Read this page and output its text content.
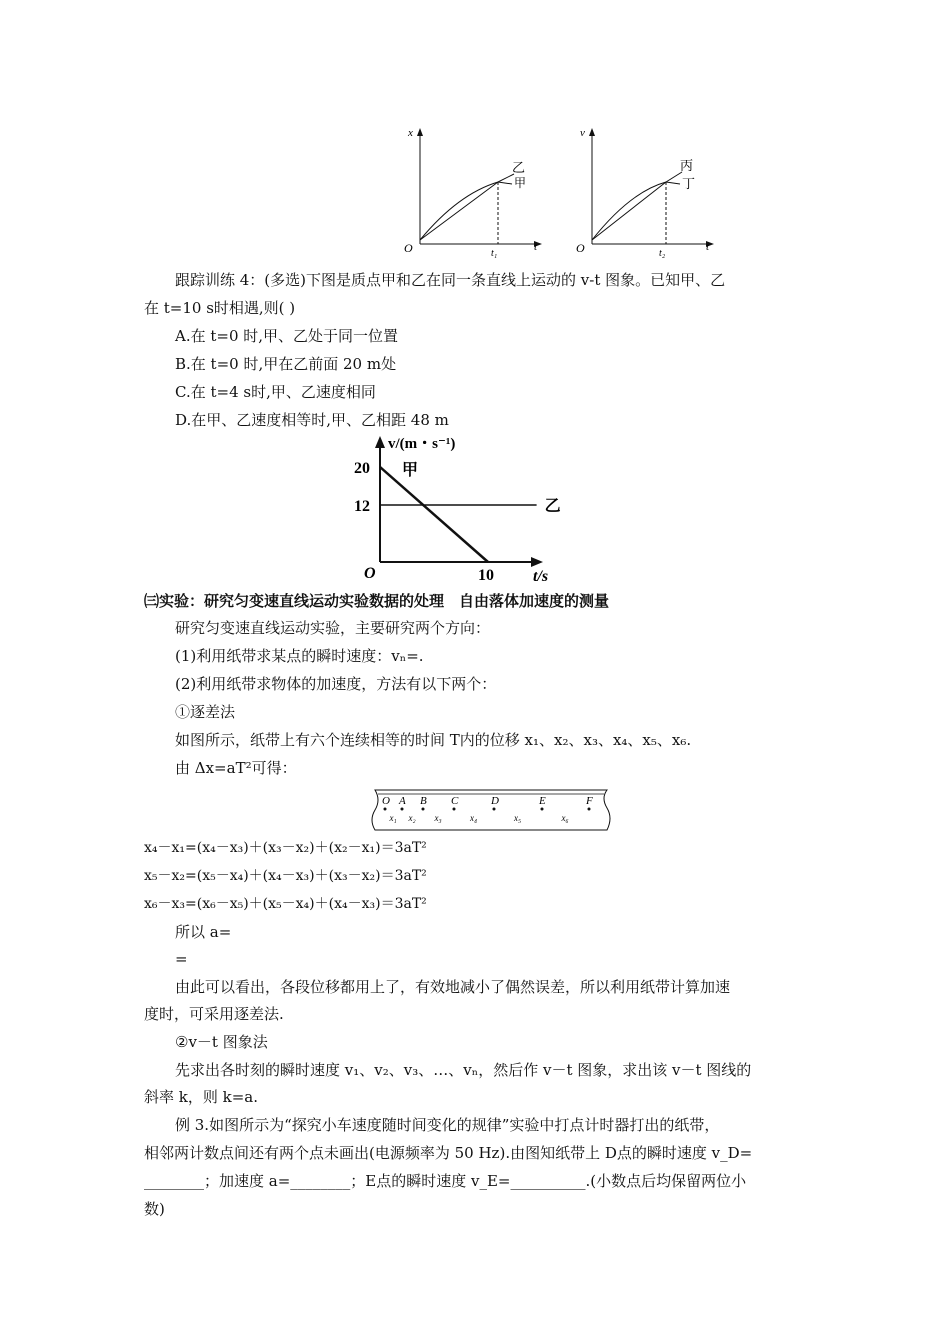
x
t
O	t₁
乙
甲
v
t
O	t₂
丙
丁
跟踪训练 4：(多选)下图是质点甲和乙在同一条直线上运动的 v-t 图象。已知甲、乙
在 t=10 s时相遇,则( )
A.在 t=0 时,甲、乙处于同一位置
B.在 t=0 时,甲在乙前面 20 m处
C.在 t=4 s时,甲、乙速度相同
D.在甲、乙速度相等时,甲、乙相距 48 m
甲
乙
20
12
10
v/(m・s⁻¹)
t/s
O
㈢实验：研究匀变速直线运动实验数据的处理　自由落体加速度的测量
研究匀变速直线运动实验，主要研究两个方向：
(1)利用纸带求某点的瞬时速度：vₙ=.
(2)利用纸带求物体的加速度，方法有以下两个：
①逐差法
如图所示，纸带上有六个连续相等的时间 T内的位移 x₁、x₂、x₃、x₄、x₅、x₆.
由 Δx=aT²可得：
O A B C	D	E	F
x₁ x₂ x₃	x₄	x₅	x₆
x₄－x₁=(x₄－x₃)＋(x₃－x₂)＋(x₂－x₁)＝3aT²
x₅－x₂=(x₅－x₄)＋(x₄－x₃)＋(x₃－x₂)＝3aT²
x₆－x₃=(x₆－x₅)＋(x₅－x₄)＋(x₄－x₃)＝3aT²
所以 a=
=
由此可以看出，各段位移都用上了，有效地减小了偶然误差，所以利用纸带计算加速
度时，可采用逐差法.
②v－t 图象法
先求出各时刻的瞬时速度 v₁、v₂、v₃、…、vₙ，然后作 v－t 图象，求出该 v－t 图线的
斜率 k，则 k=a.
例 3.如图所示为“探究小车速度随时间变化的规律”实验中打点计时器打出的纸带，
相邻两计数点间还有两个点未画出(电源频率为 50 Hz).由图知纸带上 D点的瞬时速度 v_D=
________；加速度 a=________；E点的瞬时速度 v_E=__________.(小数点后均保留两位小
数)
